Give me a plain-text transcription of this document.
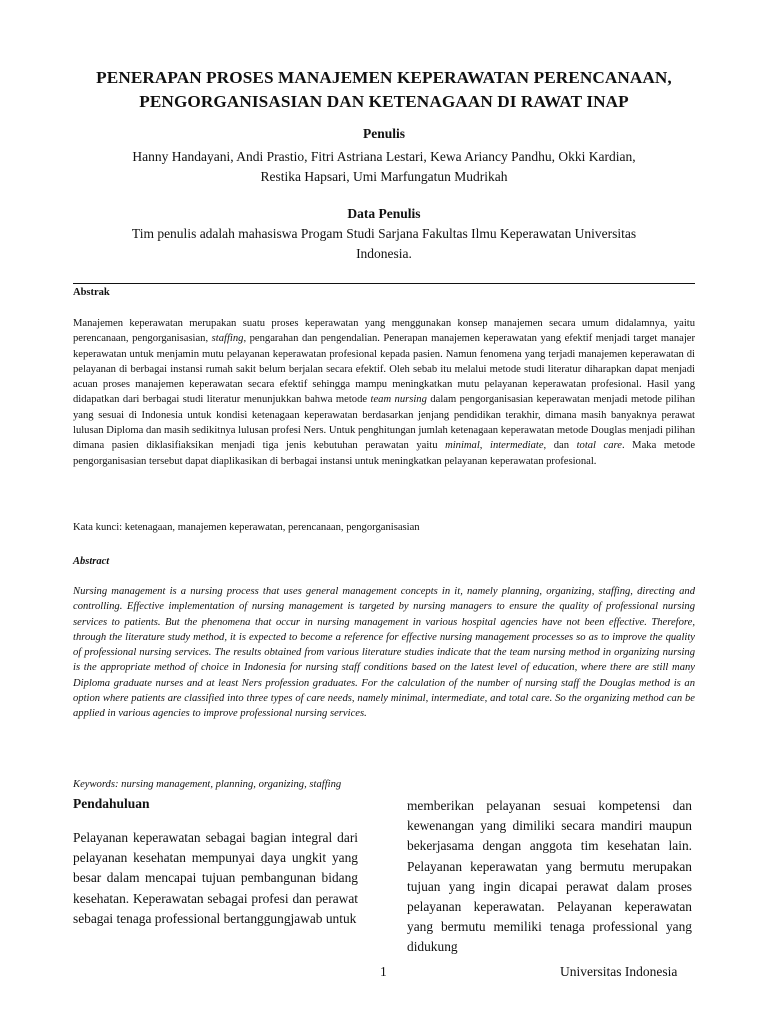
PENERAPAN PROSES MANAJEMEN KEPERAWATAN PERENCANAAN,
PENGORGANISASIAN DAN KETENAGAAN DI RAWAT INAP
Penulis
Hanny Handayani, Andi Prastio, Fitri Astriana Lestari, Kewa Ariancy Pandhu, Okki Kardian,
Restika Hapsari, Umi Marfungatun Mudrikah
Data Penulis
Tim penulis adalah mahasiswa Progam Studi Sarjana Fakultas Ilmu Keperawatan Universitas
Indonesia.
Abstrak

Manajemen keperawatan merupakan suatu proses keperawatan yang menggunakan konsep manajemen secara umum didalamnya, yaitu perencanaan, pengorganisasian, staffing, pengarahan dan pengendalian. Penerapan manajemen keperawatan yang efektif menjadi target manajer keperawatan untuk menjamin mutu pelayanan keperawatan profesional kepada pasien. Namun fenomena yang terjadi manajemen keperawatan di pelayanan di berbagai instansi rumah sakit belum berjalan secara efektif. Oleh sebab itu melalui metode studi literatur diharapkan dapat menjadi acuan proses manajemen keperawatan secara efektif sehingga mampu meningkatkan mutu pelayanan keperawatan profesional. Hasil yang didapatkan dari berbagai studi literatur menunjukkan bahwa metode team nursing dalam pengorganisasian keperawatan menjadi metode pilihan yang sesuai di Indonesia untuk kondisi ketenagaan keperawatan berdasarkan jenjang pendidikan terakhir, dimana masih banyaknya perawat lulusan Diploma dan masih sedikitnya lulusan profesi Ners. Untuk penghitungan jumlah ketenagaan keperawatan metode Douglas menjadi pilihan dimana pasien diklasifiaksikan menjadi tiga jenis kebutuhan perawatan yaitu minimal, intermediate, dan total care. Maka metode pengorganisasian tersebut dapat diaplikasikan di berbagai instansi untuk meningkatkan pelayanan keperawatan profesional.

Kata kunci: ketenagaan, manajemen keperawatan, perencanaan, pengorganisasian
Abstract

Nursing management is a nursing process that uses general management concepts in it, namely planning, organizing, staffing, directing and controlling. Effective implementation of nursing management is targeted by nursing managers to ensure the quality of professional nursing services to patients. But the phenomena that occur in nursing management in various hospital agencies have not been effective. Therefore, through the literature study method, it is expected to become a reference for effective nursing management processes so as to improve the quality of professional nursing services. The results obtained from various literature studies indicate that the team nursing method in organizing nursing is the appropriate method of choice in Indonesia for nursing staff conditions based on the latest level of education, where there are still many Diploma graduate nurses and at least Ners profession graduates. For the calculation of the number of nursing staff the Douglas method is an option where patients are classified into three types of care needs, namely minimal, intermediate, and total care. So the organizing method can be applied in various agencies to improve professional nursing services.

Keywords: nursing management, planning, organizing, staffing
Pendahuluan

Pelayanan keperawatan sebagai bagian integral dari pelayanan kesehatan mempunyai daya ungkit yang besar dalam mencapai tujuan pembangunan bidang kesehatan. Keperawatan sebagai profesi dan perawat sebagai tenaga professional bertanggungjawab untuk

memberikan pelayanan sesuai kompetensi dan kewenangan yang dimiliki secara mandiri maupun bekerjasama dengan anggota tim kesehatan lain. Pelayanan keperawatan yang bermutu merupakan tujuan yang ingin dicapai perawat dalam proses pelayanan keperawatan. Pelayanan keperawatan yang bermutu memiliki tenaga professional yang didukung

1	Universitas Indonesia
